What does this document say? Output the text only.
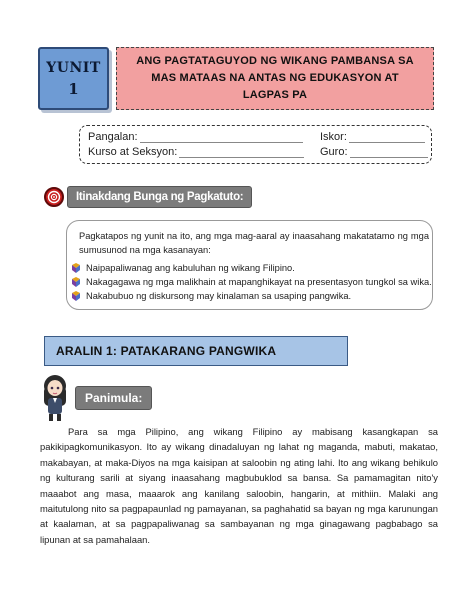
YUNIT
1
ANG PAGTATAGUYOD NG WIKANG PAMBANSA SA
MAS MATAAS NA ANTAS NG EDUKASYON AT
LAGPAS PA
Pangalan:	Iskor:
Kurso at Seksyon:	Guro:
Itinakdang Bunga ng Pagkatuto:
Pagkatapos ng yunit na ito, ang mga mag-aaral ay inaasahang makatatamo ng mga sumusunod na mga kasanayan:
Naipapaliwanag ang kabuluhan ng wikang Filipino.
Nakagagawa ng mga malikhain at mapanghikayat na presentasyon tungkol sa wika.
Nakabubuo ng diskursong may kinalaman sa usaping pangwika.
ARALIN 1: PATAKARANG PANGWIKA
Panimula:

Para sa mga Pilipino, ang wikang Filipino ay mabisang kasangkapan sa pakikipagkomunikasyon. Ito ay wikang dinadaluyan ng lahat ng maganda, mabuti, makatao, makabayan, at maka-Diyos na mga kaisipan at saloobin ng ating lahi. Ito ang wikang behikulo ng kulturang sarili at siyang inaasahang magbubuklod sa bansa. Sa pamamagitan nito'y maaabot ang masa, maaarok ang kanilang saloobin, hangarin, at mithiin. Malaki ang maitutulong nito sa pagpapaunlad ng pamayanan, sa paghahatid sa bayan ng mga karunungan at kaalaman, at sa pagpapaliwanag sa sambayanan ng mga ginagawang pagbabago sa lipunan at sa pamahalaan.
